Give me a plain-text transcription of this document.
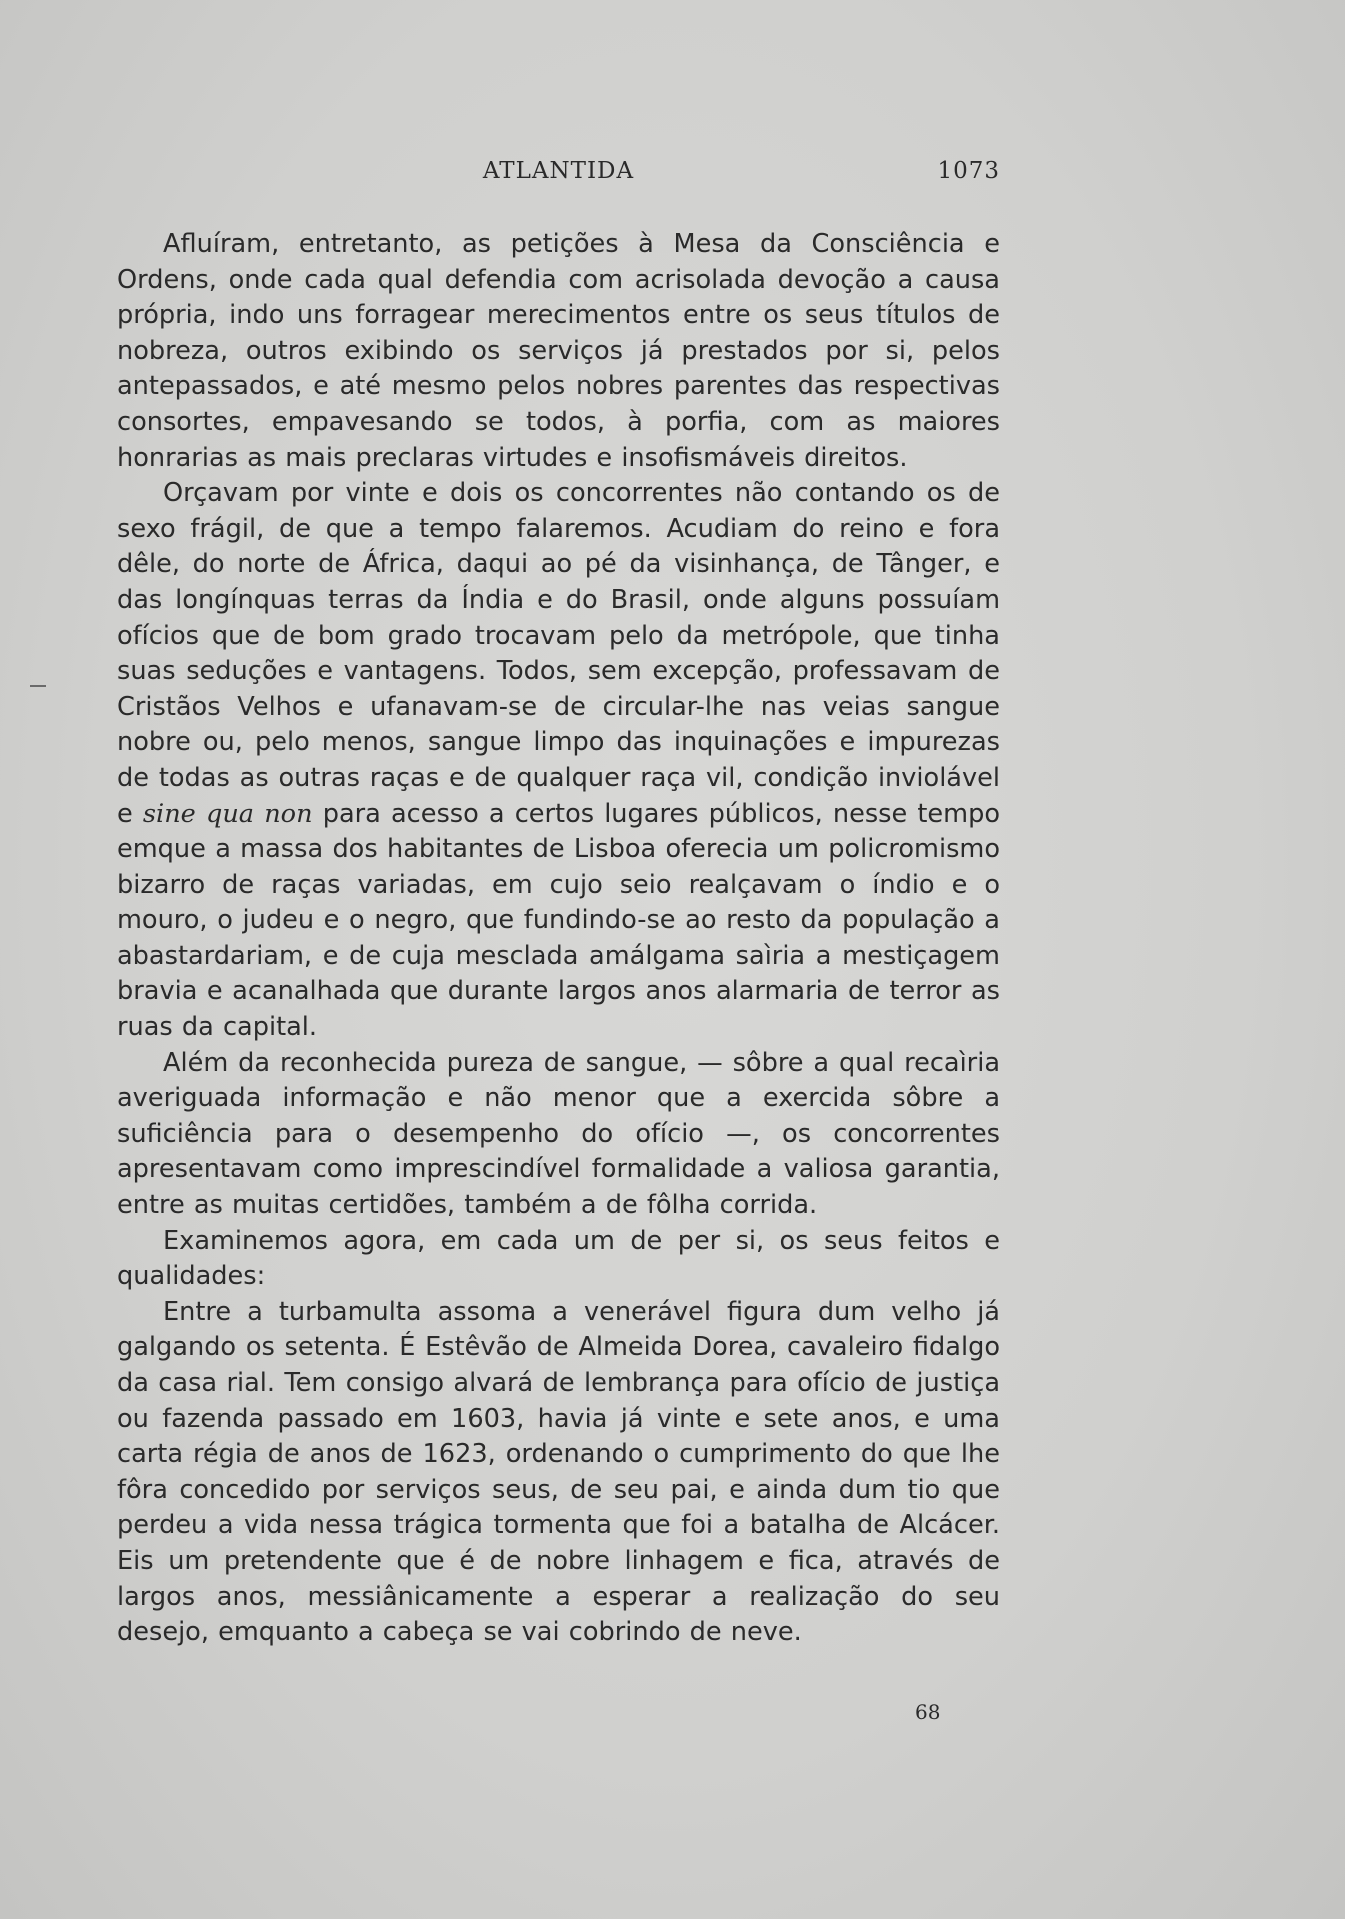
ATLANTIDA	1073

Afluíram, entretanto, as petições à Mesa da Consciência e Ordens, onde cada qual defendia com acrisolada devoção a causa própria, indo uns forragear merecimentos entre os seus títulos de nobreza, outros exibindo os serviços já prestados por si, pelos antepassados, e até mesmo pelos nobres parentes das respectivas consortes, empavesando se todos, à porfia, com as maiores honrarias as mais preclaras virtudes e insofismáveis direitos.

Orçavam por vinte e dois os concorrentes não contando os de sexo frágil, de que a tempo falaremos. Acudiam do reino e fora dêle, do norte de África, daqui ao pé da visinhança, de Tânger, e das longínquas terras da Índia e do Brasil, onde alguns possuíam ofícios que de bom grado trocavam pelo da metrópole, que tinha suas seduções e vantagens. Todos, sem excepção, professavam de Cristãos Velhos e ufanavam-se de circular-lhe nas veias sangue nobre ou, pelo menos, sangue limpo das inquinações e impurezas de todas as outras raças e de qualquer raça vil, condição inviolável e sine qua non para acesso a certos lugares públicos, nesse tempo emque a massa dos habitantes de Lisboa oferecia um policromismo bizarro de raças variadas, em cujo seio realçavam o índio e o mouro, o judeu e o negro, que fundindo-se ao resto da população a abastardariam, e de cuja mesclada amálgama saìria a mestiçagem bravia e acanalhada que durante largos anos alarmaria de terror as ruas da capital.

Além da reconhecida pureza de sangue, — sôbre a qual recaìria averiguada informação e não menor que a exercida sôbre a suficiência para o desempenho do ofício —, os concorrentes apresentavam como imprescindível formalidade a valiosa garantia, entre as muitas certidões, também a de fôlha corrida.

Examinemos agora, em cada um de per si, os seus feitos e qualidades:

Entre a turbamulta assoma a venerável figura dum velho já galgando os setenta. É Estêvão de Almeida Dorea, cavaleiro fidalgo da casa rial. Tem consigo alvará de lembrança para ofício de justiça ou fazenda passado em 1603, havia já vinte e sete anos, e uma carta régia de anos de 1623, ordenando o cumprimento do que lhe fôra concedido por serviços seus, de seu pai, e ainda dum tio que perdeu a vida nessa trágica tormenta que foi a batalha de Alcácer. Eis um pretendente que é de nobre linhagem e fica, através de largos anos, messiânicamente a esperar a realização do seu desejo, emquanto a cabeça se vai cobrindo de neve.

68
